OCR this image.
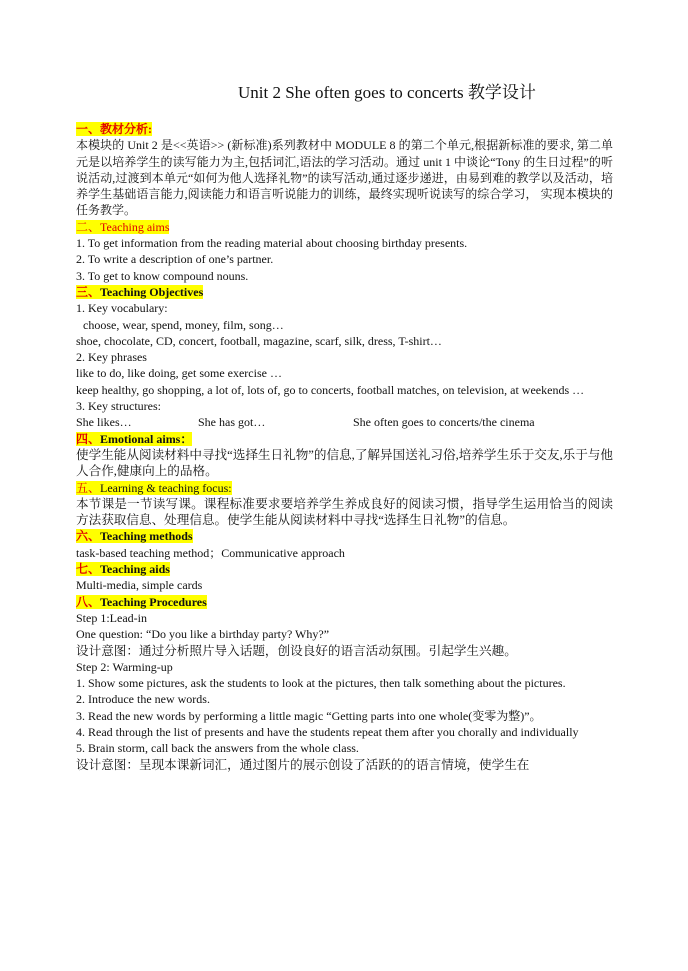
Unit 2 She often goes to concerts 教学设计

一、教材分析:

本模块的 Unit 2 是<<英语>> (新标准)系列教材中 MODULE 8 的第二个单元,根据新标准的要求, 第二单元是以培养学生的读写能力为主,包括词汇,语法的学习活动。通过 unit 1 中谈论“Tony 的生日过程”的听说活动,过渡到本单元“如何为他人选择礼物”的读写活动,通过逐步递进，由易到难的教学以及活动，培养学生基础语言能力,阅读能力和语言听说能力的训练，最终实现听说读写的综合学习， 实现本模块的任务教学。

二、Teaching aims

1. To get information from the reading material about choosing birthday presents.

2. To write a description of one’s partner.

3. To get to know compound nouns.

三、Teaching Objectives

1. Key vocabulary:

choose, wear, spend, money, film, song…

shoe, chocolate, CD, concert, football, magazine, scarf, silk, dress, T-shirt…

2. Key phrases

like to do, like doing, get some exercise …

keep healthy, go shopping, a lot of, lots of, go to concerts, football matches, on television, at weekends …

3. Key structures:

She likes…	She has got…	She often goes to concerts/the cinema

四、Emotional aims：

使学生能从阅读材料中寻找“选择生日礼物”的信息,了解异国送礼习俗,培养学生乐于交友,乐于与他人合作,健康向上的品格。

五、Learning & teaching focus:

本节课是一节读写课。课程标准要求要培养学生养成良好的阅读习惯，指导学生运用恰当的阅读方法获取信息、处理信息。使学生能从阅读材料中寻找“选择生日礼物”的信息。

六、Teaching methods

task-based teaching method；Communicative approach

七、Teaching aids

Multi-media, simple cards

八、Teaching Procedures

Step 1:Lead-in

One question: “Do you like a birthday party? Why?”

设计意图：通过分析照片导入话题，创设良好的语言活动氛围。引起学生兴趣。

Step 2: Warming-up

1. Show some pictures, ask the students to look at the pictures, then talk something about the pictures.

2. Introduce the new words.

3. Read the new words by performing a little magic “Getting parts into one whole(变零为整)”。

4. Read through the list of presents and have the students repeat them after you chorally and individually

5. Brain storm, call back the answers from the whole class.

设计意图：呈现本课新词汇，通过图片的展示创设了活跃的的语言情境，使学生在
